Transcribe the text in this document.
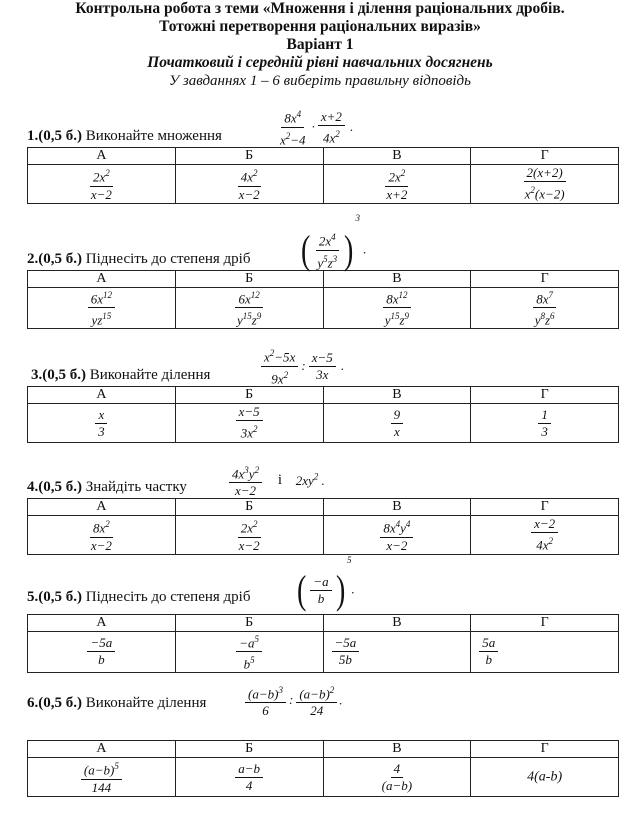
Контрольна робота з теми «Множення і ділення раціональних дробів.
Тотожні перетворення раціональних виразів»
Варіант 1
Початковий і середній рівні навчальних досягнень
У завданнях 1 – 6 виберіть правильну відповідь
1.(0,5 б.) Виконайте множення	$\frac{8x^4}{x^2-4} \cdot \frac{x+2}{4x^2}$ .
А	Б	В	Г

$\frac{2x^2}{x-2}$	$\frac{4x^2}{x-2}$	$\frac{2x^2}{x+2}$	$\frac{2(x+2)}{x^2(x-2)}$
2.(0,5 б.) Піднесіть до степеня дріб ( $\frac{2x^4}{y^5z^3} )^3$ .
А	Б	В	Г

$\frac{6x^{12}}{yz^{15}}$	$\frac{6x^{12}}{y^{15}z^9}$	$\frac{8x^{12}}{y^{15}z^9}$	$\frac{8x^7}{y^8z^6}$
3.(0,5 б.) Виконайте ділення	$\frac{x^2-5x}{9x^2}$ : $\frac{x-5}{3x}$ .
А	Б	В	Г

$\frac{x}{3}$	$\frac{x-5}{3x^2}$	$\frac{9}{x}$	$\frac{1}{3}$
4.(0,5 б.) Знайдіть частку	$\frac{4x^3y^2}{x-2}$ і $2xy^2$ .
А	Б	В	Г

$\frac{8x^2}{x-2}$	$\frac{2x^2}{x-2}$	$\frac{8x^4y^4}{x-2}$	$\frac{x-2}{4x^2}$
5.(0,5 б.) Піднесіть до степеня дріб ( $\frac{-a}{b} )^5$.
А	Б	В	Г

$\frac{-5a}{b}$	$\frac{-a^5}{b^5}$	$\frac{-5a}{5b}$	$\frac{5a}{b}$
6.(0,5 б.) Виконайте ділення	$\frac{(a-b)^3}{6}$ : $\frac{(a-b)^2}{24}$ .
А	Б	В	Г

$\frac{(a-b)^5}{144}$	$\frac{a-b}{4}$	$\frac{4}{(a-b)}$	4(a-b)
